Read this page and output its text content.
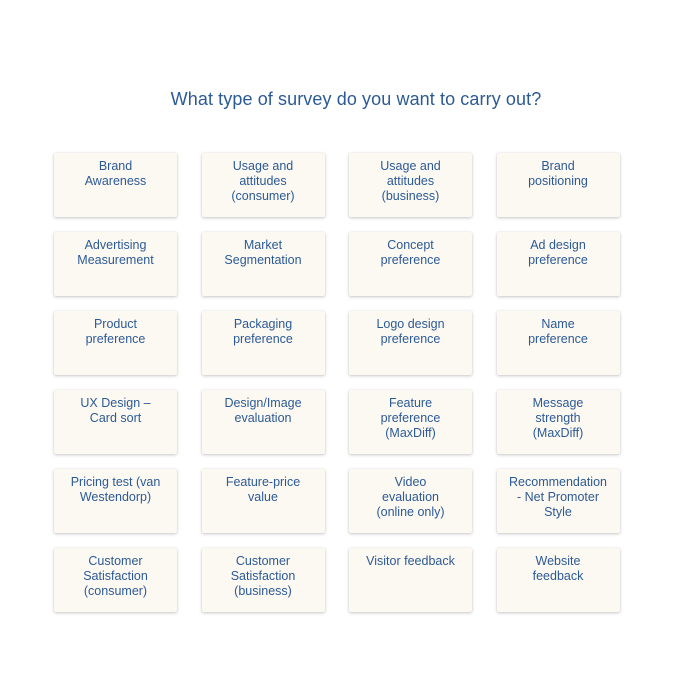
What type of survey do you want to carry out?
Brand
Awareness
Usage and
attitudes
(consumer)
Usage and
attitudes
(business)
Brand
positioning
Advertising
Measurement
Market
Segmentation
Concept
preference
Ad design
preference
Product
preference
Packaging
preference
Logo design
preference
Name
preference
UX Design –
Card sort
Design/Image
evaluation
Feature
preference
(MaxDiff)
Message
strength
(MaxDiff)
Pricing test (van
Westendorp)
Feature-price
value
Video
evaluation
(online only)
Recommendation
- Net Promoter
Style
Customer
Satisfaction
(consumer)
Customer
Satisfaction
(business)
Visitor feedback	Website
feedback
